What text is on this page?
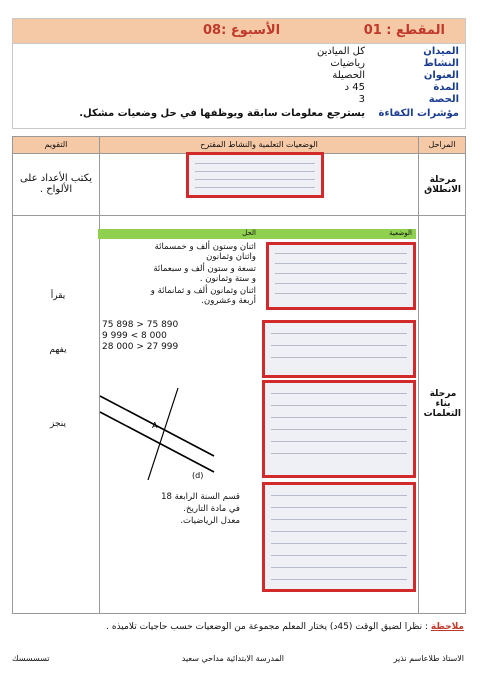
المقطع : 01
الأسبوع :08
الميدان
كل الميادين
النشاط
رياضيات
العنوان
الحصيلة
المدة
45 د
الحصة
3
مؤشرات الكفاءة
يسترجع معلومات سابقة ويوظفها في حل وضعيات مشكل.
المراحل
الوضعيات التعلمية والنشاط المقترح
التقويم
مرحلة الانطلاق
مرحلة بناء التعلمات
يكتب الأعداد على الألواح .
يقرأ
يفهم
ينجز
الوضعية
الحل
اثنان وستون ألف و خمسمائة واثنان وثمانون
تسعة و ستون ألف و سبعمائة و ستة وثمانون .
اثنان وثمانون ألف و ثمانمائة و أربعة وعشرون.
75 898 > 75 890
9 999 < 8 000
28 000 > 27 999
A
(d)
قسم السنة الرابعة 18
في مادة التاريخ.
معدل الرياضيات.
ملاحظة : نظرا لضيق الوقت (45د) يختار المعلم مجموعة من الوضعيات حسب حاجيات تلاميذه .
الاستاذ طلاعاسم نذير
المدرسة الابتدائية مداحي سعيد
تسسسسك
